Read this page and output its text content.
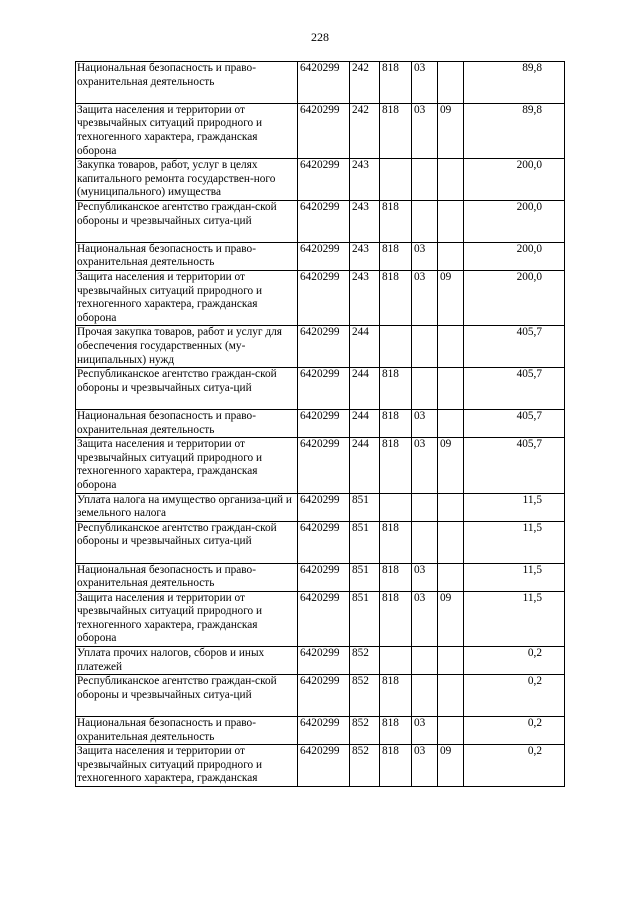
228
Национальная безопасность и право-охранительная деятельность	6420299	242	818	03		89,8
Защита населения и территории от чрезвычайных ситуаций природного и техногенного характера, гражданская оборона	6420299	242	818	03	09	89,8
Закупка товаров, работ, услуг в целях капитального ремонта государствен-ного (муниципального) имущества	6420299	243				200,0
Республиканское агентство граждан-ской обороны и чрезвычайных ситуа-ций	6420299	243	818			200,0
Национальная безопасность и право-охранительная деятельность	6420299	243	818	03		200,0
Защита населения и территории от чрезвычайных ситуаций природного и техногенного характера, гражданская оборона	6420299	243	818	03	09	200,0
Прочая закупка товаров, работ и услуг для обеспечения государственных (му-ниципальных) нужд	6420299	244				405,7
Республиканское агентство граждан-ской обороны и чрезвычайных ситуа-ций	6420299	244	818			405,7
Национальная безопасность и право-охранительная деятельность	6420299	244	818	03		405,7
Защита населения и территории от чрезвычайных ситуаций природного и техногенного характера, гражданская оборона	6420299	244	818	03	09	405,7
Уплата налога на имущество организа-ций и земельного налога	6420299	851				11,5
Республиканское агентство граждан-ской обороны и чрезвычайных ситуа-ций	6420299	851	818			11,5
Национальная безопасность и право-охранительная деятельность	6420299	851	818	03		11,5
Защита населения и территории от чрезвычайных ситуаций природного и техногенного характера, гражданская оборона	6420299	851	818	03	09	11,5
Уплата прочих налогов, сборов и иных платежей	6420299	852				0,2
Республиканское агентство граждан-ской обороны и чрезвычайных ситуа-ций	6420299	852	818			0,2
Национальная безопасность и право-охранительная деятельность	6420299	852	818	03		0,2
Защита населения и территории от чрезвычайных ситуаций природного и техногенного характера, гражданская	6420299	852	818	03	09	0,2
